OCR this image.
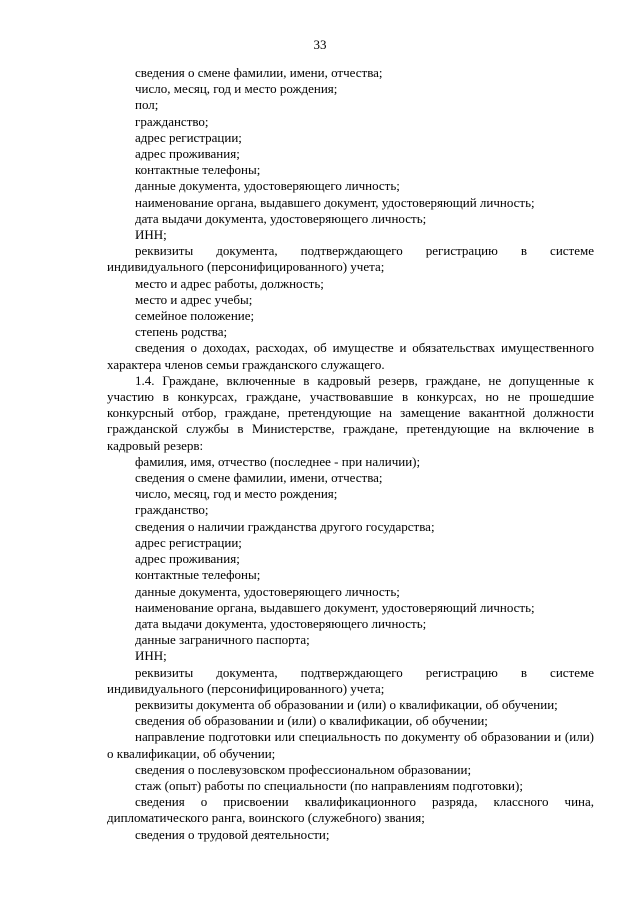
33

сведения о смене фамилии, имени, отчества;

число, месяц, год и место рождения;

пол;

гражданство;

адрес регистрации;

адрес проживания;

контактные телефоны;

данные документа, удостоверяющего личность;

наименование органа, выдавшего документ, удостоверяющий личность;

дата выдачи документа, удостоверяющего личность;

ИНН;

реквизиты документа, подтверждающего регистрацию в системе индивидуального (персонифицированного) учета;

место и адрес работы, должность;

место и адрес учебы;

семейное положение;

степень родства;

сведения о доходах, расходах, об имуществе и обязательствах имущественного характера членов семьи гражданского служащего.

1.4. Граждане, включенные в кадровый резерв, граждане, не допущенные к участию в конкурсах, граждане, участвовавшие в конкурсах, но не прошедшие конкурсный отбор, граждане, претендующие на замещение вакантной должности гражданской службы в Министерстве, граждане, претендующие на включение в кадровый резерв:

фамилия, имя, отчество (последнее - при наличии);

сведения о смене фамилии, имени, отчества;

число, месяц, год и место рождения;

гражданство;

сведения о наличии гражданства другого государства;

адрес регистрации;

адрес проживания;

контактные телефоны;

данные документа, удостоверяющего личность;

наименование органа, выдавшего документ, удостоверяющий личность;

дата выдачи документа, удостоверяющего личность;

данные заграничного паспорта;

ИНН;

реквизиты документа, подтверждающего регистрацию в системе индивидуального (персонифицированного) учета;

реквизиты документа об образовании и (или) о квалификации, об обучении;

сведения об образовании и (или) о квалификации, об обучении;

направление подготовки или специальность по документу об образовании и (или) о квалификации, об обучении;

сведения о послевузовском профессиональном образовании;

стаж (опыт) работы по специальности (по направлениям подготовки);

сведения о присвоении квалификационного разряда, классного чина, дипломатического ранга, воинского (служебного) звания;

сведения о трудовой деятельности;
